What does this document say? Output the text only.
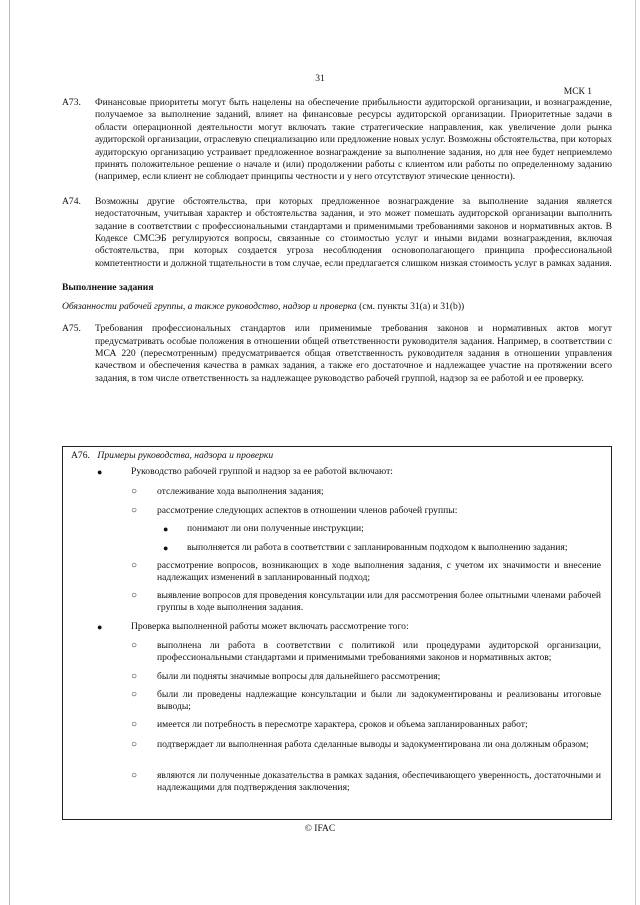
31
МСК 1
A73.	Финансовые приоритеты могут быть нацелены на обеспечение прибыльности аудиторской организации, и вознаграждение, получаемое за выполнение заданий, влияет на финансовые ресурсы аудиторской организации. Приоритетные задачи в области операционной деятельности могут включать такие стратегические направления, как увеличение доли рынка аудиторской организации, отраслевую специализацию или предложение новых услуг. Возможны обстоятельства, при которых аудиторскую организацию устраивает предложенное вознаграждение за выполнение задания, но для нее будет неприемлемо принять положительное решение о начале и (или) продолжении работы с клиентом или работы по определенному заданию (например, если клиент не соблюдает принципы честности и у него отсутствуют этические ценности).
A74.	Возможны другие обстоятельства, при которых предложенное вознаграждение за выполнение задания является недостаточным, учитывая характер и обстоятельства задания, и это может помешать аудиторской организации выполнить задание в соответствии с профессиональными стандартами и применимыми требованиями законов и нормативных актов. В Кодексе СМСЭБ регулируются вопросы, связанные со стоимостью услуг и иными видами вознаграждения, включая обстоятельства, при которых создается угроза несоблюдения основополагающего принципа профессиональной компетентности и должной тщательности в том случае, если предлагается слишком низкая стоимость услуг в рамках задания.
Выполнение задания
Обязанности рабочей группы, а также руководство, надзор и проверка (см. пункты 31(a) и 31(b))
A75.	Требования профессиональных стандартов или применимые требования законов и нормативных актов могут предусматривать особые положения в отношении общей ответственности руководителя задания. Например, в соответствии с МСА 220 (пересмотренным) предусматривается общая ответственность руководителя задания в отношении управления качеством и обеспечения качества в рамках задания, а также его достаточное и надлежащее участие на протяжении всего задания, в том числе ответственность за надлежащее руководство рабочей группой, надзор за ее работой и ее проверку.
A76. Примеры руководства, надзора и проверки
●	Руководство рабочей группой и надзор за ее работой включают:
○	отслеживание хода выполнения задания;
○	рассмотрение следующих аспектов в отношении членов рабочей группы:
●	понимают ли они полученные инструкции;
●	выполняется ли работа в соответствии с запланированным подходом к выполнению задания;
○	рассмотрение вопросов, возникающих в ходе выполнения задания, с учетом их значимости и внесение надлежащих изменений в запланированный подход;
○	выявление вопросов для проведения консультации или для рассмотрения более опытными членами рабочей группы в ходе выполнения задания.
●	Проверка выполненной работы может включать рассмотрение того:
○	выполнена ли работа в соответствии с политикой или процедурами аудиторской организации, профессиональными стандартами и применимыми требованиями законов и нормативных актов;
○	были ли подняты значимые вопросы для дальнейшего рассмотрения;
○	были ли проведены надлежащие консультации и были ли задокументированы и реализованы итоговые выводы;
○	имеется ли потребность в пересмотре характера, сроков и объема запланированных работ;
○	подтверждает ли выполненная работа сделанные выводы и задокументирована ли она должным образом;
○	являются ли полученные доказательства в рамках задания, обеспечивающего уверенность, достаточными и надлежащими для подтверждения заключения;
© IFAC
